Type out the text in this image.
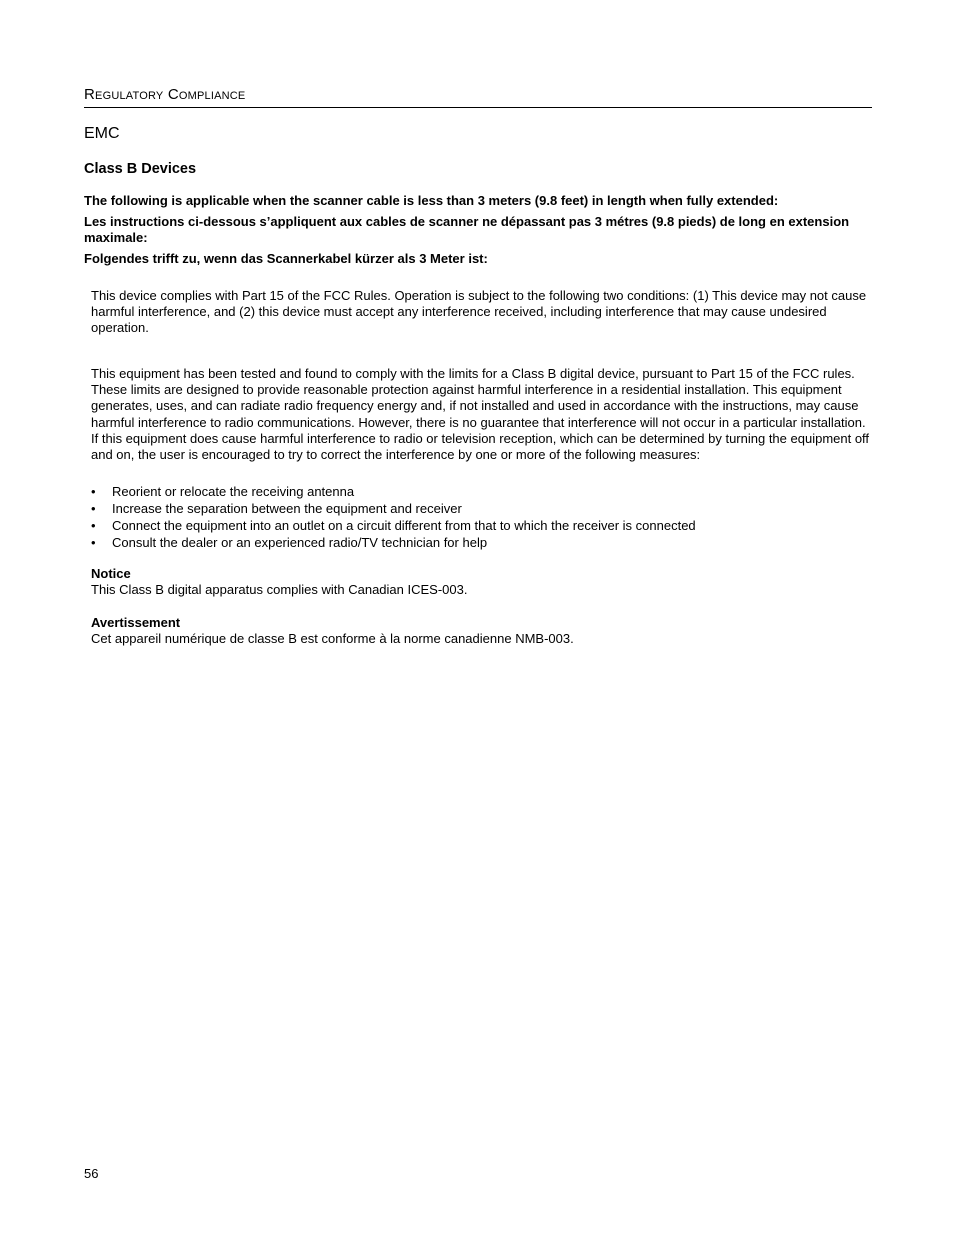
Regulatory Compliance
EMC
Class B Devices

The following is applicable when the scanner cable is less than 3 meters (9.8 feet) in length when fully extended:

Les instructions ci-dessous s’appliquent aux cables de scanner ne dépassant pas 3 métres (9.8 pieds) de long en extension maximale:

Folgendes trifft zu, wenn das Scannerkabel kürzer als 3 Meter ist:

This device complies with Part 15 of the FCC Rules. Operation is subject to the following two conditions: (1) This device may not cause harmful interference, and (2) this device must accept any interference received, including interference that may cause undesired operation.

This equipment has been tested and found to comply with the limits for a Class B digital device, pursuant to Part 15 of the FCC rules. These limits are designed to provide reasonable protection against harmful interference in a residential installation. This equipment generates, uses, and can radiate radio frequency energy and, if not installed and used in accordance with the instructions, may cause harmful interference to radio communications. However, there is no guarantee that interference will not occur in a particular installation. If this equipment does cause harmful interference to radio or television reception, which can be determined by turning the equipment off and on, the user is encouraged to try to correct the interference by one or more of the following measures:

•	Reorient or relocate the receiving antenna
•	Increase the separation between the equipment and receiver
•	Connect the equipment into an outlet on a circuit different from that to which the receiver is connected
•	Consult the dealer or an experienced radio/TV technician for help
Notice
This Class B digital apparatus complies with Canadian ICES-003.
Avertissement
Cet appareil numérique de classe B est conforme à la norme canadienne NMB-003.
56
